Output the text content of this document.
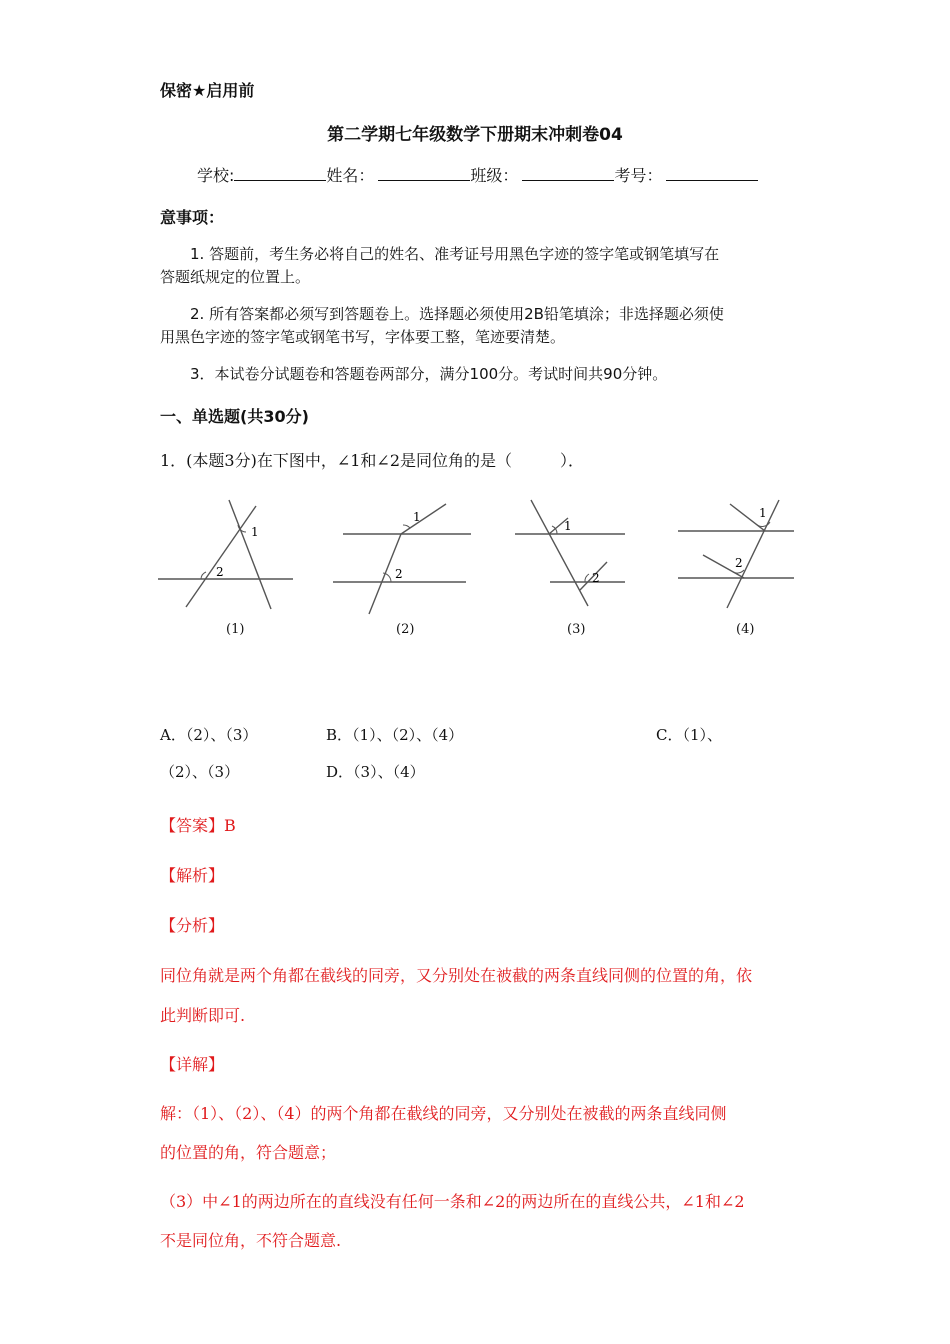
保密★启用前
第二学期七年级数学下册期末冲刺卷04
学校:	姓名：	班级：	考号：
意事项：
1. 答题前，考生务必将自己的姓名、准考证号用黑色字迹的签字笔或钢笔填写在
答题纸规定的位置上。
2. 所有答案都必须写到答题卷上。选择题必须使用2B铅笔填涂；非选择题必须使
用黑色字迹的签字笔或钢笔书写，字体要工整，笔迹要清楚。
3．本试卷分试题卷和答题卷两部分，满分100分。考试时间共90分钟。
一、单选题(共30分)
1．(本题3分)在下图中，∠1和∠2是同位角的是（　　　）．
1
2
(1)
1
2
(2)
1
2
(3)
1
2
(4)
A．（2）、（3）	B．（1）、（2）、（4）	C．（1）、
（2）、（3）	D．（3）、（4）
【答案】B
【解析】
【分析】
同位角就是两个角都在截线的同旁，又分别处在被截的两条直线同侧的位置的角，依
此判断即可.
【详解】
解：（1）、（2）、（4）的两个角都在截线的同旁，又分别处在被截的两条直线同侧
的位置的角，符合题意；
（3）中∠1的两边所在的直线没有任何一条和∠2的两边所在的直线公共，∠1和∠2
不是同位角，不符合题意.
